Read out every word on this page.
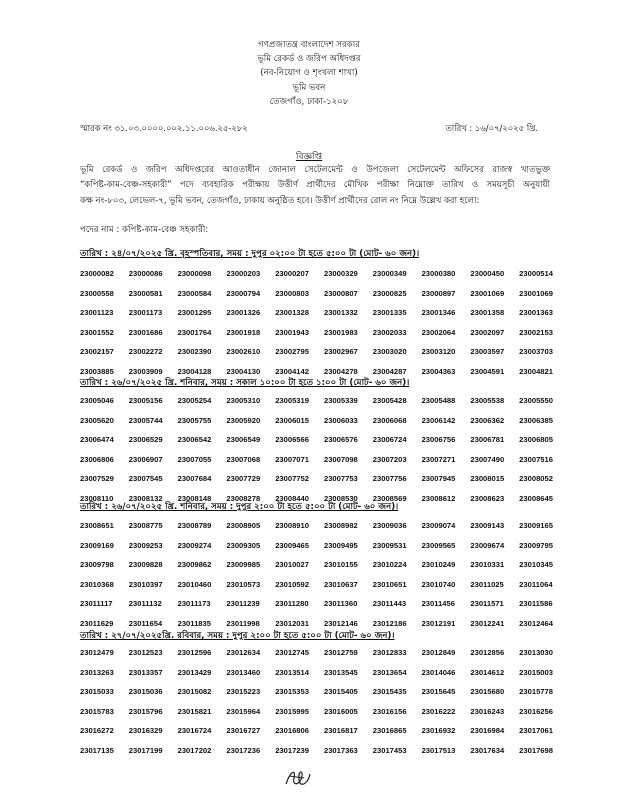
গণপ্রজাতন্ত্র বাংলাদেশ সরকার
ভূমি রেকর্ড ও জরিপ অধিদপ্তর
(নব-নিয়োগ ও শৃংখলা শাখা)
ভূমি ভবন
তেজগাঁও, ঢাকা-১২০৮
স্মারক নং ৩১.০৩.০০০০.০০২.১১.০০৬.২৫-২৮২	তারিখ : ১৬/০৭/২০২৫ খ্রি.
বিজ্ঞপ্তি
ভূমি রেকর্ড ও জরিপ অধিদপ্তরের আওতাধীন জোনাল সেটেলমেন্ট ও উপজেলা সেটেলমেন্ট অফিসের রাজস্ব খাতভুক্ত
“কপিষ্ট-কাম-বেঞ্চ-সহকারী” পদে ব্যবহারিক পরীক্ষায় উত্তীর্ণ প্রার্থীদের মৌখিক পরীক্ষা নিম্নোক্ত তারিখ ও সময়সূচী অনুযায়ী
কক্ষ নং-৮০৩, লেভেল-৭, ভূমি ভবন, তেজগাঁও, ঢাকায় অনুষ্ঠিত হবে। উত্তীর্ণ প্রার্থীদের রোল নং নিম্নে উল্লেখ করা হলো:
পদের নাম : কপিষ্ট-কাম-বেঞ্চ সহকারী:
তারিখ : ২৪/০৭/২০২৫ খ্রি. বৃহস্পতিবার, সময় : দুপুর ০২:০০ টা হতে ৫:০০ টা (মোট- ৬০ জন)।
23000082	23000086	23000098	23000203	23000207	23000329	23000349	23000380	23000450	23000514
23000558	23000581	23000584	23000794	23000803	23000807	23000825	23000897	23001069	23001069
23001123	23001173	23001295	23001326	23001328	23001332	23001335	23001346	23001358	23001363
23001552	23001686	23001764	23001918	23001943	23001983	23002033	23002064	23002097	23002153
23002157	23002272	23002390	23002610	23002795	23002967	23003020	23003120	23003597	23003703
23003885	23003909	23004128	23004130	23004142	23004278	23004287	23004363	23004591	23004821
তারিখ : ২৬/০৭/২০২৫ খ্রি. শনিবার, সময় : সকাল ১০:০০ টা হতে ১:০০ টা (মোট- ৬০ জন)।
23005046	23005156	23005254	23005310	23005319	23005339	23005428	23005488	23005538	23005550
23005620	23005744	23005755	23005920	23006015	23006033	23006068	23006142	23006362	23006385
23006474	23006529	23006542	23006549	23006566	23006576	23006724	23006756	23006781	23006805
23006806	23006907	23007055	23007068	23007071	23007098	23007203	23007271	23007490	23007516
23007529	23007545	23007684	23007729	23007752	23007753	23007756	23007945	23008015	23008052
23008110	23008132	23008148	23008278	23008440	23008530	23008569	23008612	23008623	23008645
তারিখ : ২৬/০৭/২০২৫ খ্রি. শনিবার, সময় : দুপুর ২:০০ টা হতে ৫:০০ টা (মোট- ৬০ জন)।
23008651	23008775	23008789	23008905	23008910	23008982	23009036	23009074	23009143	23009165
23009169	23009253	23009274	23009305	23009465	23009495	23009531	23009565	23009674	23009795
23009798	23009828	23009862	23009985	23010027	23010155	23010224	23010249	23010331	23010345
23010368	23010397	23010460	23010573	23010592	23010637	23010651	23010740	23011025	23011064
23011117	23011132	23011173	23011239	23011280	23011360	23011443	23011456	23011571	23011586
23011629	23011654	23011835	23011998	23012031	23012146	23012186	23012191	23012241	23012464
তারিখ : ২৭/০৭/২০২৫খ্রি. রবিবার, সময় : দুপুর ২:০০ টা হতে ৫:০০ টা (মোট- ৬০ জন)।
23012479	23012523	23012596	23012634	23012745	23012759	23012833	23012849	23012856	23013030
23013263	23013357	23013429	23013460	23013514	23013545	23013654	23014046	23014612	23015003
23015033	23015036	23015082	23015223	23015353	23015405	23015435	23015645	23015680	23015778
23015783	23015796	23015821	23015964	23015995	23016005	23016156	23016222	23016243	23016256
23016272	23016329	23016724	23016727	23016806	23016817	23016865	23016932	23016984	23017061
23017135	23017199	23017202	23017236	23017239	23017363	23017453	23017513	23017634	23017698
